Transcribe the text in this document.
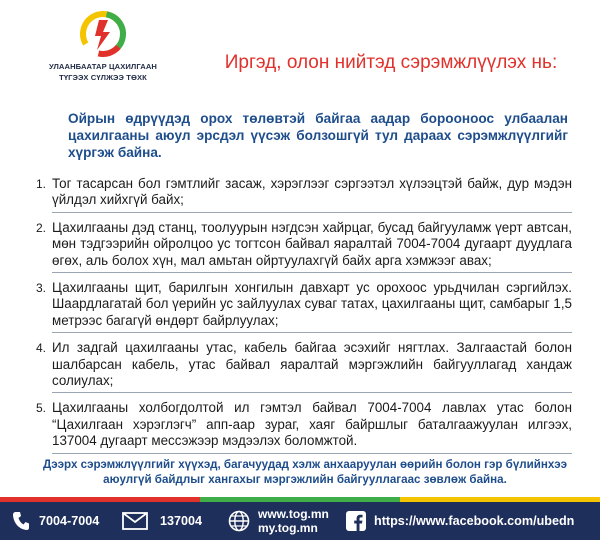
УЛААНБААТАР ЦАХИЛГААН
ТҮГЭЭХ СҮЛЖЭЭ ТӨХК
Иргэд, олон нийтэд сэрэмжлүүлэх нь:
Ойрын өдрүүдэд орох төлөвтэй байгаа аадар бороонoос улбаалан цахилгааны аюул эрсдэл үүсэж болзошгүй тул дараах сэрэмжлүүлгийг хүргэж байна.
1. Тог тасарсан бол гэмтлийг засаж, хэрэглээг сэргээтэл хүлээцтэй байж, дур мэдэн үйлдэл хийхгүй байх;
2. Цахилгааны дэд станц, тоолуурын нэгдсэн хайрцаг, бусад байгууламж үерт автсан, мөн тэдгээрийн ойролцоо ус тогтсон байвал яаралтай 7004-7004 дугаарт дуудлага өгөх, аль болох хүн, мал амьтан ойртуулахгүй байх арга хэмжээг авах;
3. Цахилгааны щит, барилгын хонгилын давхарт ус орохоос урьдчилан сэргийлэх. Шаардлагатай бол үерийн ус зайлуулах суваг татах, цахилгааны щит, самбарыг 1,5 метрээс багагүй өндөрт байрлуулах;
4. Ил задгай цахилгааны утас, кабель байгаа эсэхийг нягтлах. Залгаастай болон шалбарсан кабель, утас байвал яаралтай мэргэжлийн байгууллагад хандаж солиулах;
5. Цахилгааны холбогдолтой ил гэмтэл байвал 7004-7004 лавлах утас болон “Цахилгаан хэрэглэгч” апп-аар зураг, хаяг байршлыг баталгаажуулан илгээх, 137004 дугаарт мессэжээр мэдээлэх боломжтой.
Дээрх сэрэмжлүүлгийг хүүхэд, багачуудад хэлж анхааруулан өөрийн болон гэр бүлийнхээ аюулгүй байдлыг хангахыг мэргэжлийн байгууллагаас зөвлөж байна.
7004-7004	137004	www.tog.mn
my.tog.mn	https://www.facebook.com/ubedn
